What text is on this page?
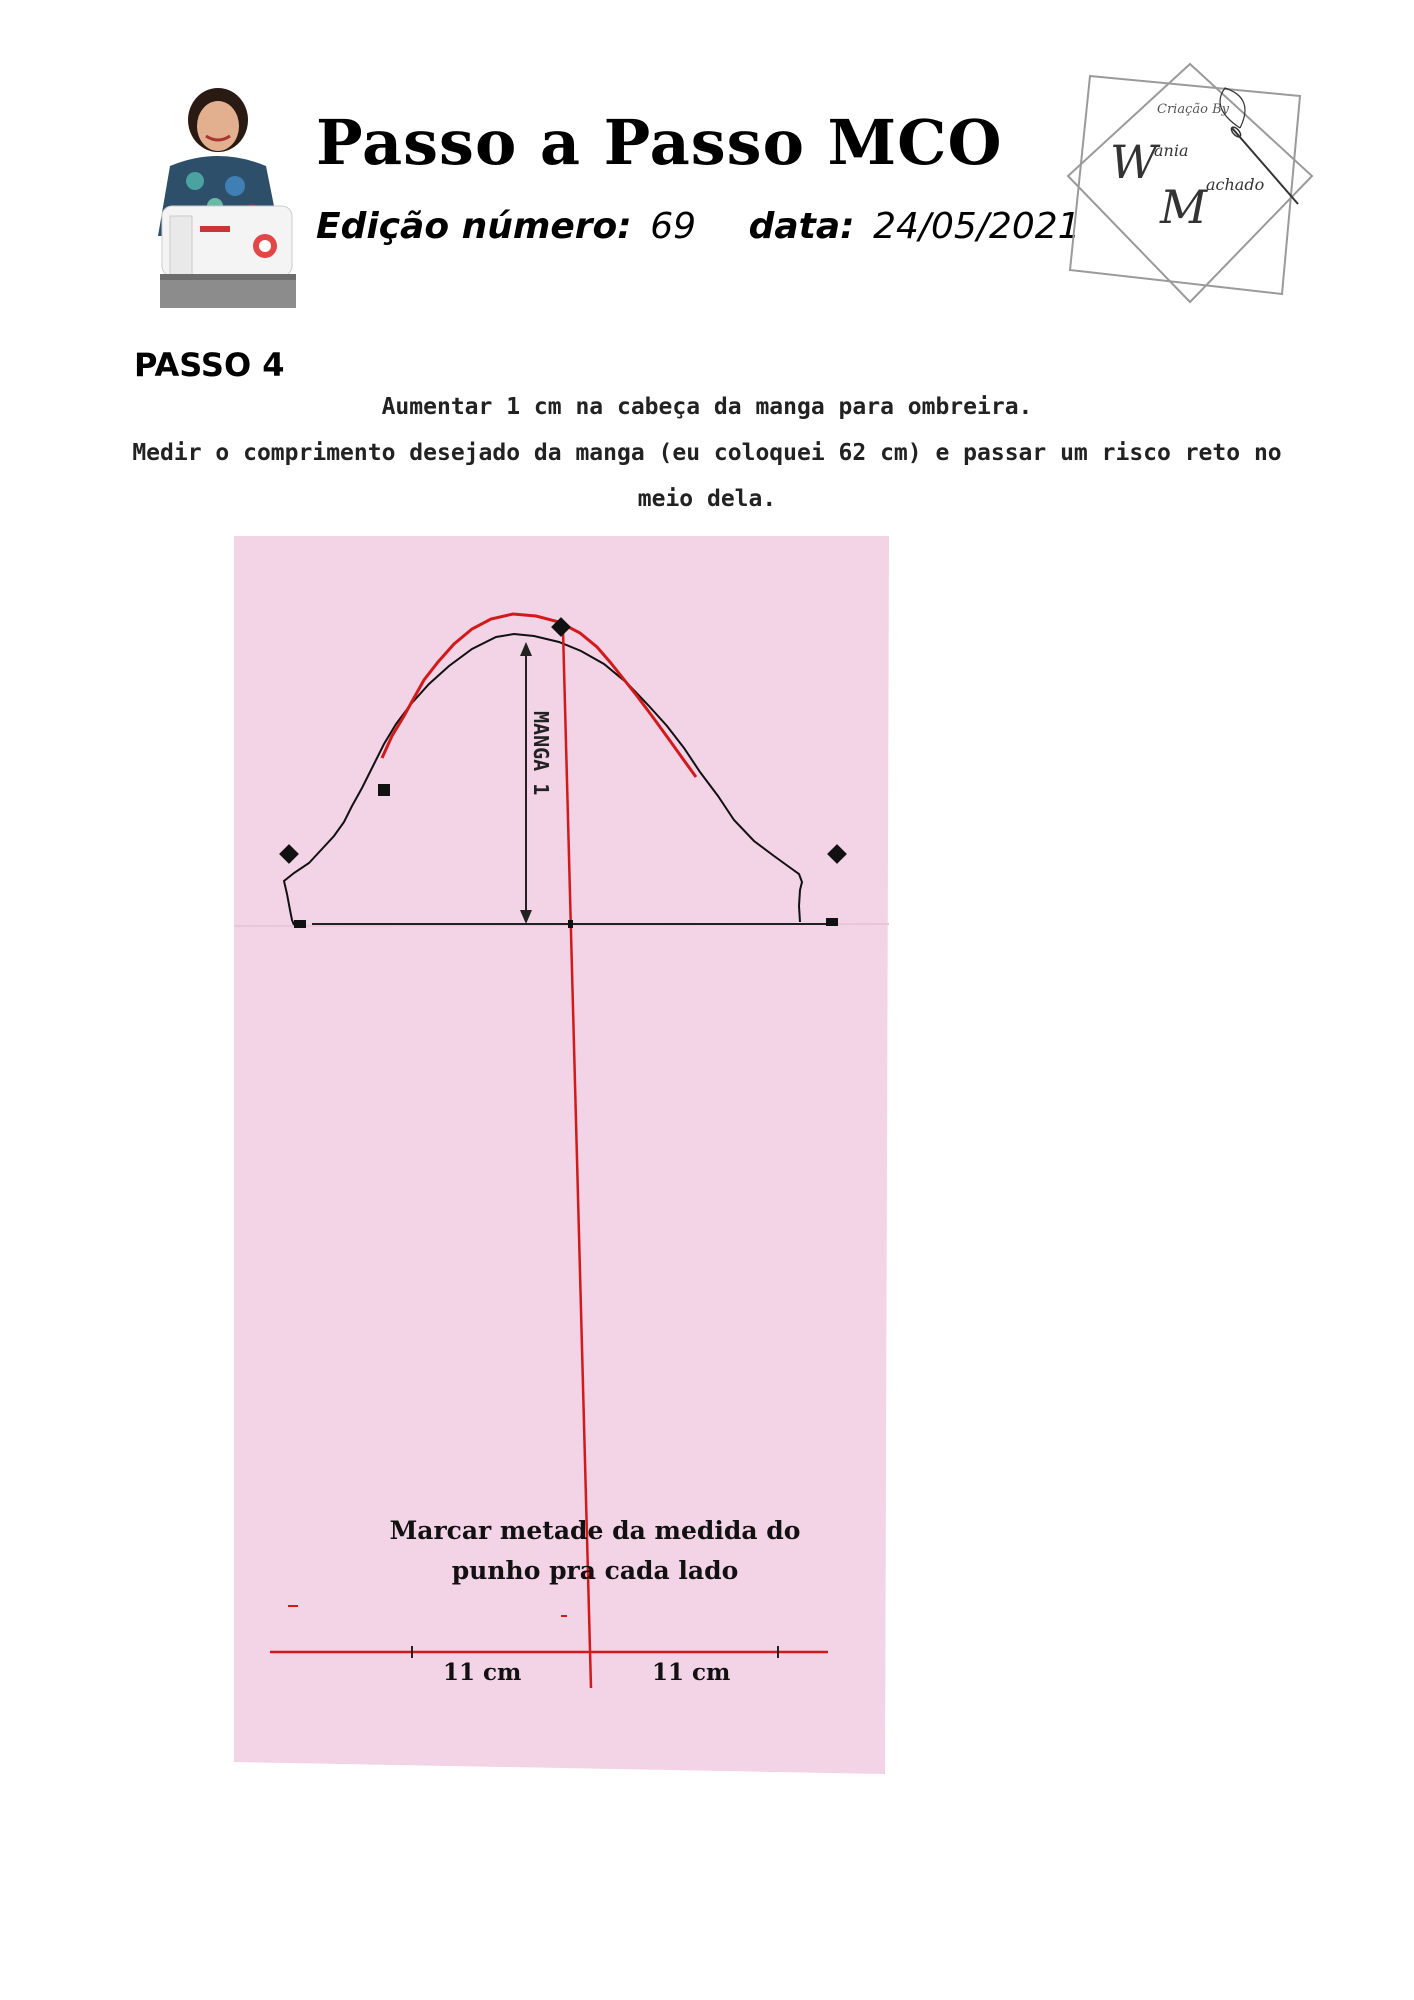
Passo a Passo MCO
Edição número: 69 data: 24/05/2021
Criação By
W
ania
M
achado
PASSO 4
Aumentar 1 cm na cabeça da manga para ombreira.
Medir o comprimento desejado da manga (eu coloquei 62 cm) e passar um risco reto no
meio dela.
MANGA 1
Marcar metade da medida do
punho pra cada lado
11 cm	11 cm
